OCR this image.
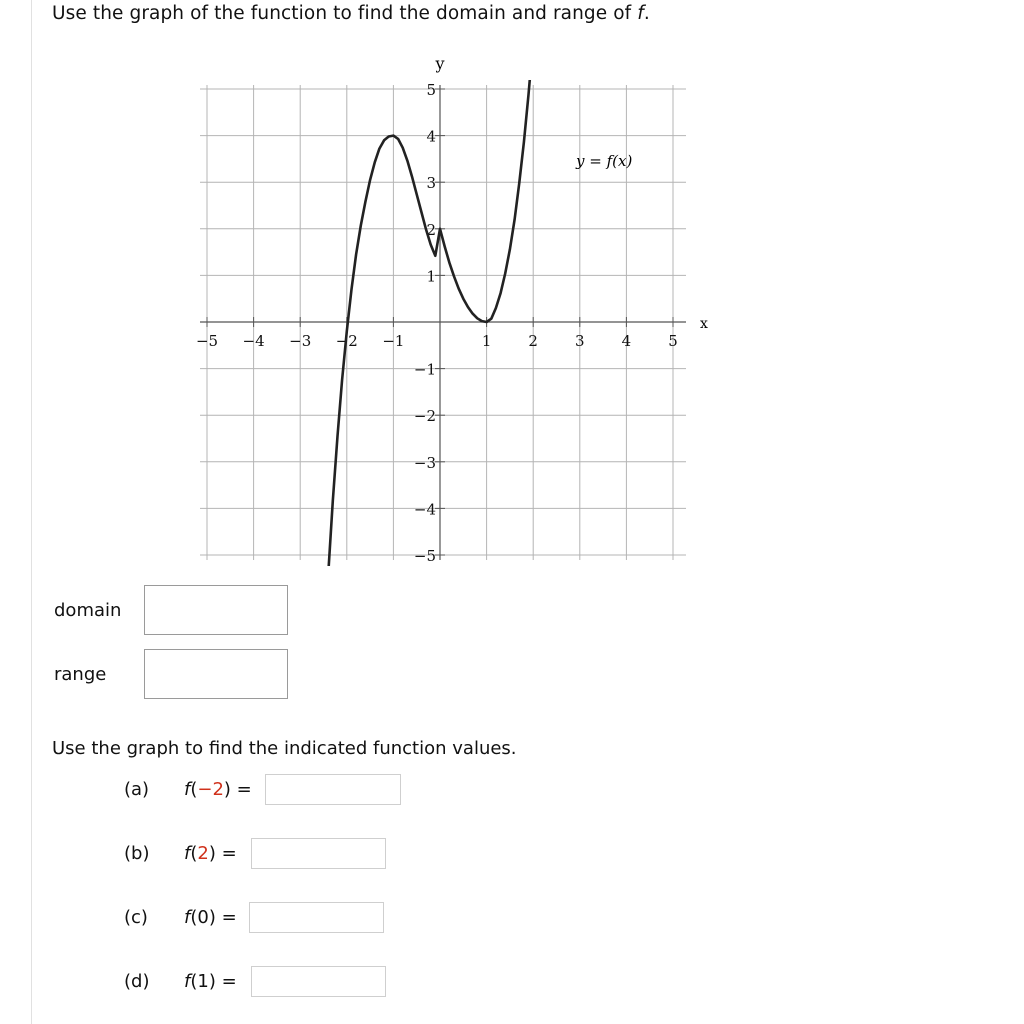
Use the graph of the function to find the domain and range of f.
−5 −4 −3 −2 −1	1 2 3 4 5
5
4
3
2
1
−1
−2
−3
−4
−5
y = f(x)
x
y
domain
range
Use the graph to find the indicated function values.
(a) f(−2) =
(b) f(2) =
(c) f(0) =
(d) f(1) =
